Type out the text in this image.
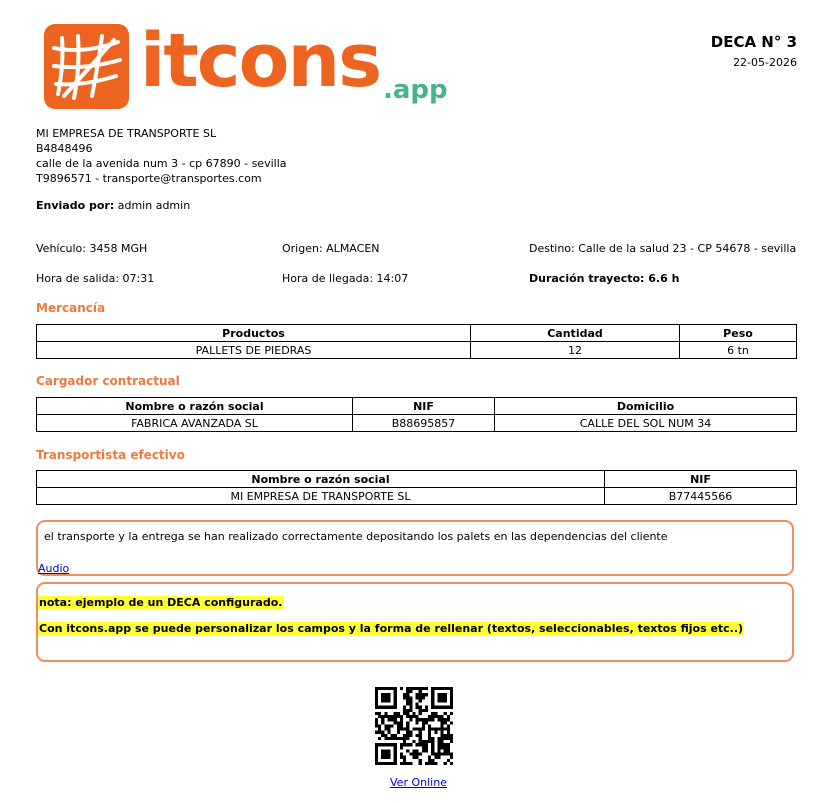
itcons .app
DECA N° 3
22-05-2026
MI EMPRESA DE TRANSPORTE SL
B4848496
calle de la avenida num 3 - cp 67890 - sevilla
T9896571 - transporte@transportes.com
Enviado por: admin admin
Vehículo: 3458 MGH	Origen: ALMACEN	Destino: Calle de la salud 23 - CP 54678 - sevilla
Hora de salida: 07:31	Hora de llegada: 14:07	Duración trayecto: 6.6 h
Mercancía
Productos	Cantidad	Peso
PALLETS DE PIEDRAS	12	6 tn
Cargador contractual
Nombre o razón social	NIF	Domicilio
FABRICA AVANZADA SL	B88695857	CALLE DEL SOL NUM 34
Transportista efectivo
Nombre o razón social	NIF
MI EMPRESA DE TRANSPORTE SL	B77445566
el transporte y la entrega se han realizado correctamente depositando los palets en las dependencias del cliente
Audio
nota: ejemplo de un DECA configurado.
Con itcons.app se puede personalizar los campos y la forma de rellenar (textos, seleccionables, textos fijos etc..)
Ver Online
